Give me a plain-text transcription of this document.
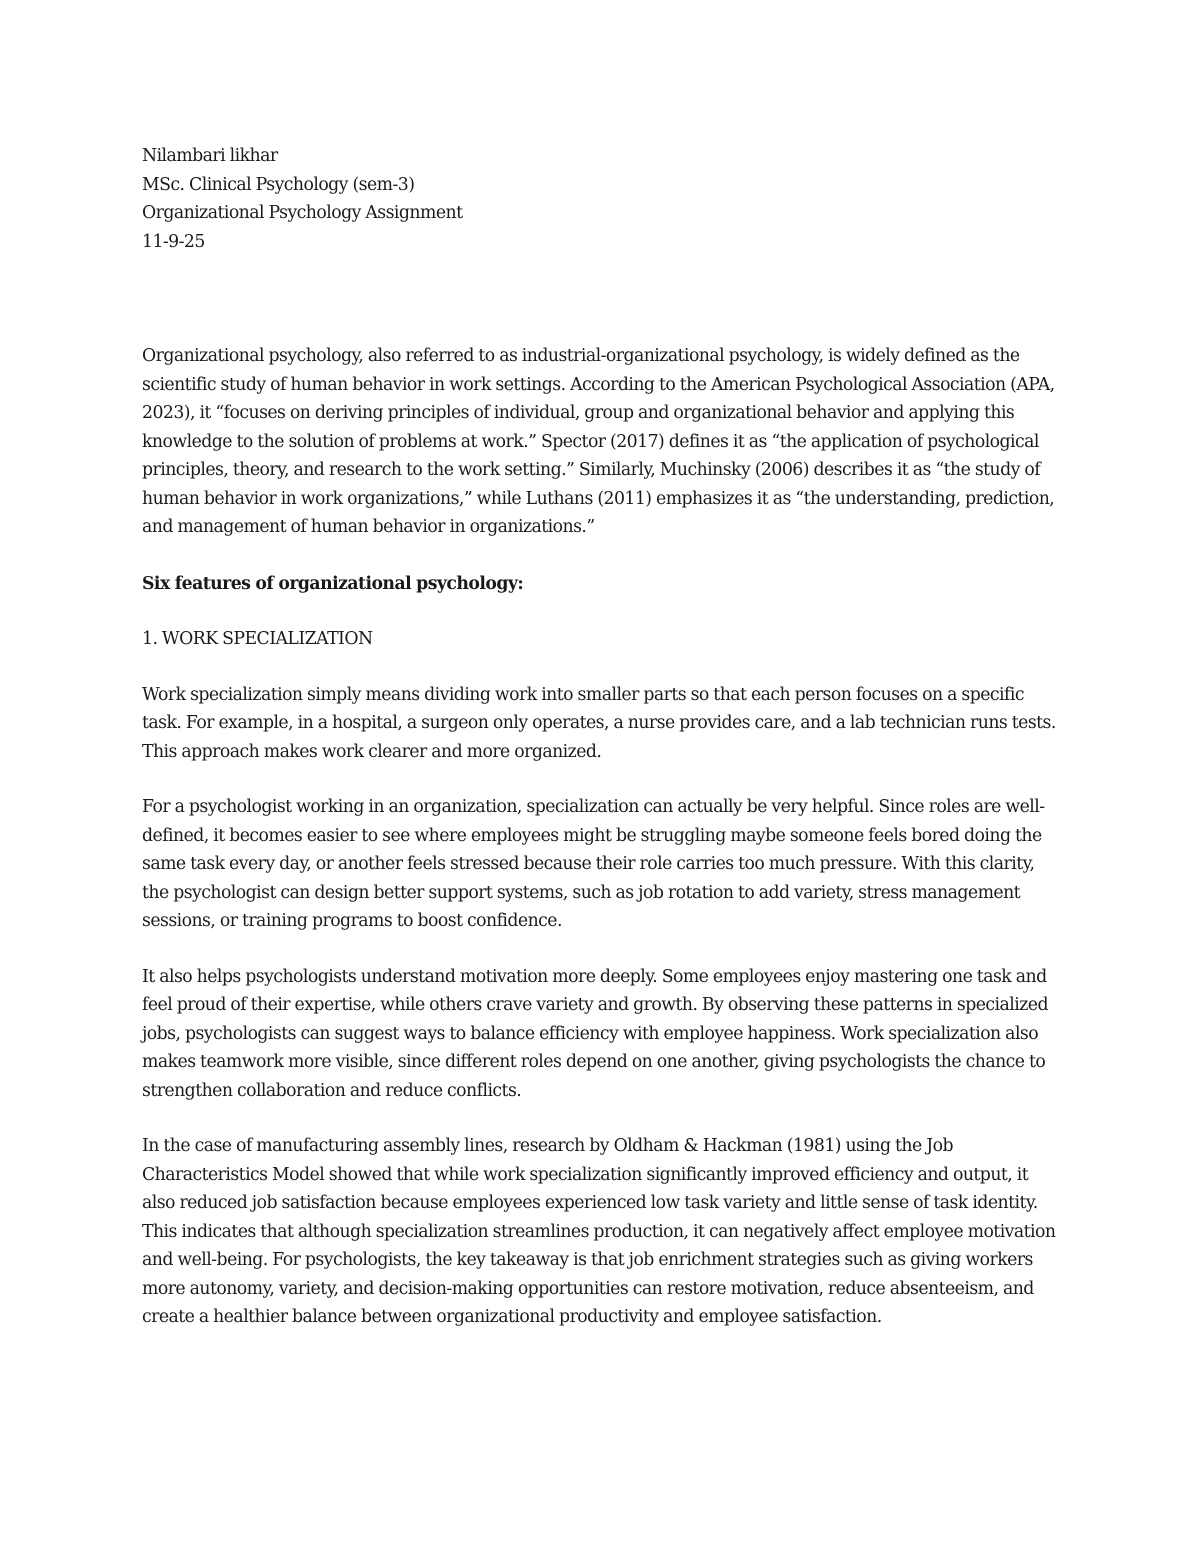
Nilambari likhar
MSc. Clinical Psychology (sem-3)
Organizational Psychology Assignment
11-9-25

Organizational psychology, also referred to as industrial-organizational psychology, is widely defined as the scientific study of human behavior in work settings. According to the American Psychological Association (APA, 2023), it “focuses on deriving principles of individual, group and organizational behavior and applying this knowledge to the solution of problems at work.” Spector (2017) defines it as “the application of psychological principles, theory, and research to the work setting.” Similarly, Muchinsky (2006) describes it as “the study of human behavior in work organizations,” while Luthans (2011) emphasizes it as “the understanding, prediction, and management of human behavior in organizations.”

Six features of organizational psychology:

1. WORK SPECIALIZATION

Work specialization simply means dividing work into smaller parts so that each person focuses on a specific task. For example, in a hospital, a surgeon only operates, a nurse provides care, and a lab technician runs tests. This approach makes work clearer and more organized.

For a psychologist working in an organization, specialization can actually be very helpful. Since roles are well-defined, it becomes easier to see where employees might be struggling maybe someone feels bored doing the same task every day, or another feels stressed because their role carries too much pressure. With this clarity, the psychologist can design better support systems, such as job rotation to add variety, stress management sessions, or training programs to boost confidence.

It also helps psychologists understand motivation more deeply. Some employees enjoy mastering one task and feel proud of their expertise, while others crave variety and growth. By observing these patterns in specialized jobs, psychologists can suggest ways to balance efficiency with employee happiness. Work specialization also makes teamwork more visible, since different roles depend on one another, giving psychologists the chance to strengthen collaboration and reduce conflicts.

In the case of manufacturing assembly lines, research by Oldham & Hackman (1981) using the Job Characteristics Model showed that while work specialization significantly improved efficiency and output, it also reduced job satisfaction because employees experienced low task variety and little sense of task identity. This indicates that although specialization streamlines production, it can negatively affect employee motivation and well-being. For psychologists, the key takeaway is that job enrichment strategies such as giving workers more autonomy, variety, and decision-making opportunities can restore motivation, reduce absenteeism, and create a healthier balance between organizational productivity and employee satisfaction.
